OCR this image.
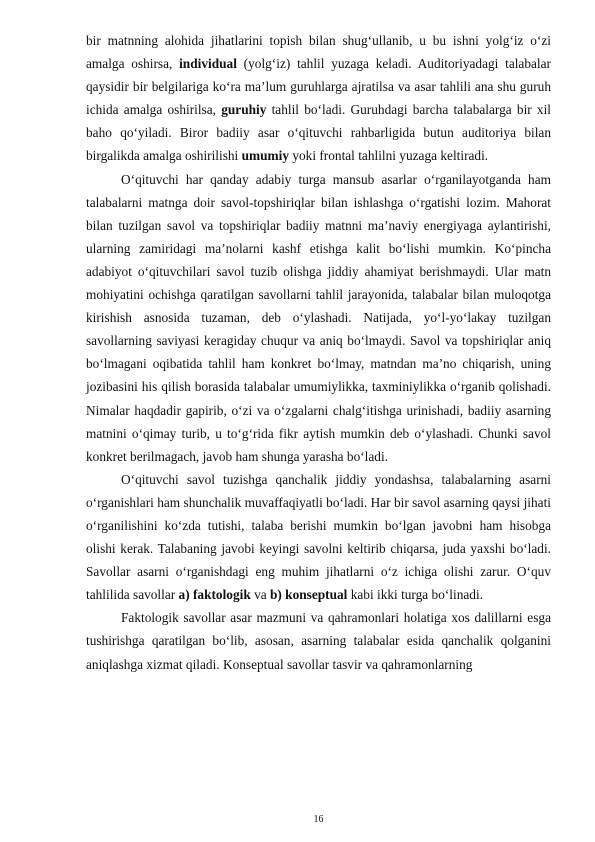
bir matnning alohida jihatlarini topish bilan shug‘ullanib, u bu ishni yolg‘iz o‘zi amalga oshirsa, individual (yolg‘iz) tahlil yuzaga keladi. Auditoriyadagi talabalar qaysidir bir belgilariga ko‘ra ma’lum guruhlarga ajratilsa va asar tahlili ana shu guruh ichida amalga oshirilsa, guruhiy tahlil bo‘ladi. Guruhdagi barcha talabalarga bir xil baho qo‘yiladi. Biror badiiy asar o‘qituvchi rahbarligida butun auditoriya bilan birgalikda amalga oshirilishi umumiy yoki frontal tahlilni yuzaga keltiradi.

O‘qituvchi har qanday adabiy turga mansub asarlar o‘rganilayotganda ham talabalarni matnga doir savol-topshiriqlar bilan ishlashga o‘rgatishi lozim. Mahorat bilan tuzilgan savol va topshiriqlar badiiy matnni ma’naviy energiyaga aylantirishi, ularning zamiridagi ma’nolarni kashf etishga kalit bo‘lishi mumkin. Ko‘pincha adabiyot o‘qituvchilari savol tuzib olishga jiddiy ahamiyat berishmaydi. Ular matn mohiyatini ochishga qaratilgan savollarni tahlil jarayonida, talabalar bilan muloqotga kirishish asnosida tuzaman, deb o‘ylashadi. Natijada, yo‘l-yo‘lakay tuzilgan savollarning saviyasi keragiday chuqur va aniq bo‘lmaydi. Savol va topshiriqlar aniq bo‘lmagani oqibatida tahlil ham konkret bo‘lmay, matndan ma’no chiqarish, uning jozibasini his qilish borasida talabalar umumiylikka, taxminiylikka o‘rganib qolishadi. Nimalar haqdadir gapirib, o‘zi va o‘zgalarni chalg‘itishga urinishadi, badiiy asarning matnini o‘qimay turib, u to‘g‘rida fikr aytish mumkin deb o‘ylashadi. Chunki savol konkret berilmagach, javob ham shunga yarasha bo‘ladi.

O‘qituvchi savol tuzishga qanchalik jiddiy yondashsa, talabalarning asarni o‘rganishlari ham shunchalik muvaffaqiyatli bo‘ladi. Har bir savol asarning qaysi jihati o‘rganilishini ko‘zda tutishi, talaba berishi mumkin bo‘lgan javobni ham hisobga olishi kerak. Talabaning javobi keyingi savolni keltirib chiqarsa, juda yaxshi bo‘ladi. Savollar asarni o‘rganishdagi eng muhim jihatlarni o‘z ichiga olishi zarur. O‘quv tahlilida savollar a) faktologik va b) konseptual kabi ikki turga bo‘linadi.

Faktologik savollar asar mazmuni va qahramonlari holatiga xos dalillarni esga tushirishga qaratilgan bo‘lib, asosan, asarning talabalar esida qanchalik qolganini aniqlashga xizmat qiladi. Konseptual savollar tasvir va qahramonlarning

16
